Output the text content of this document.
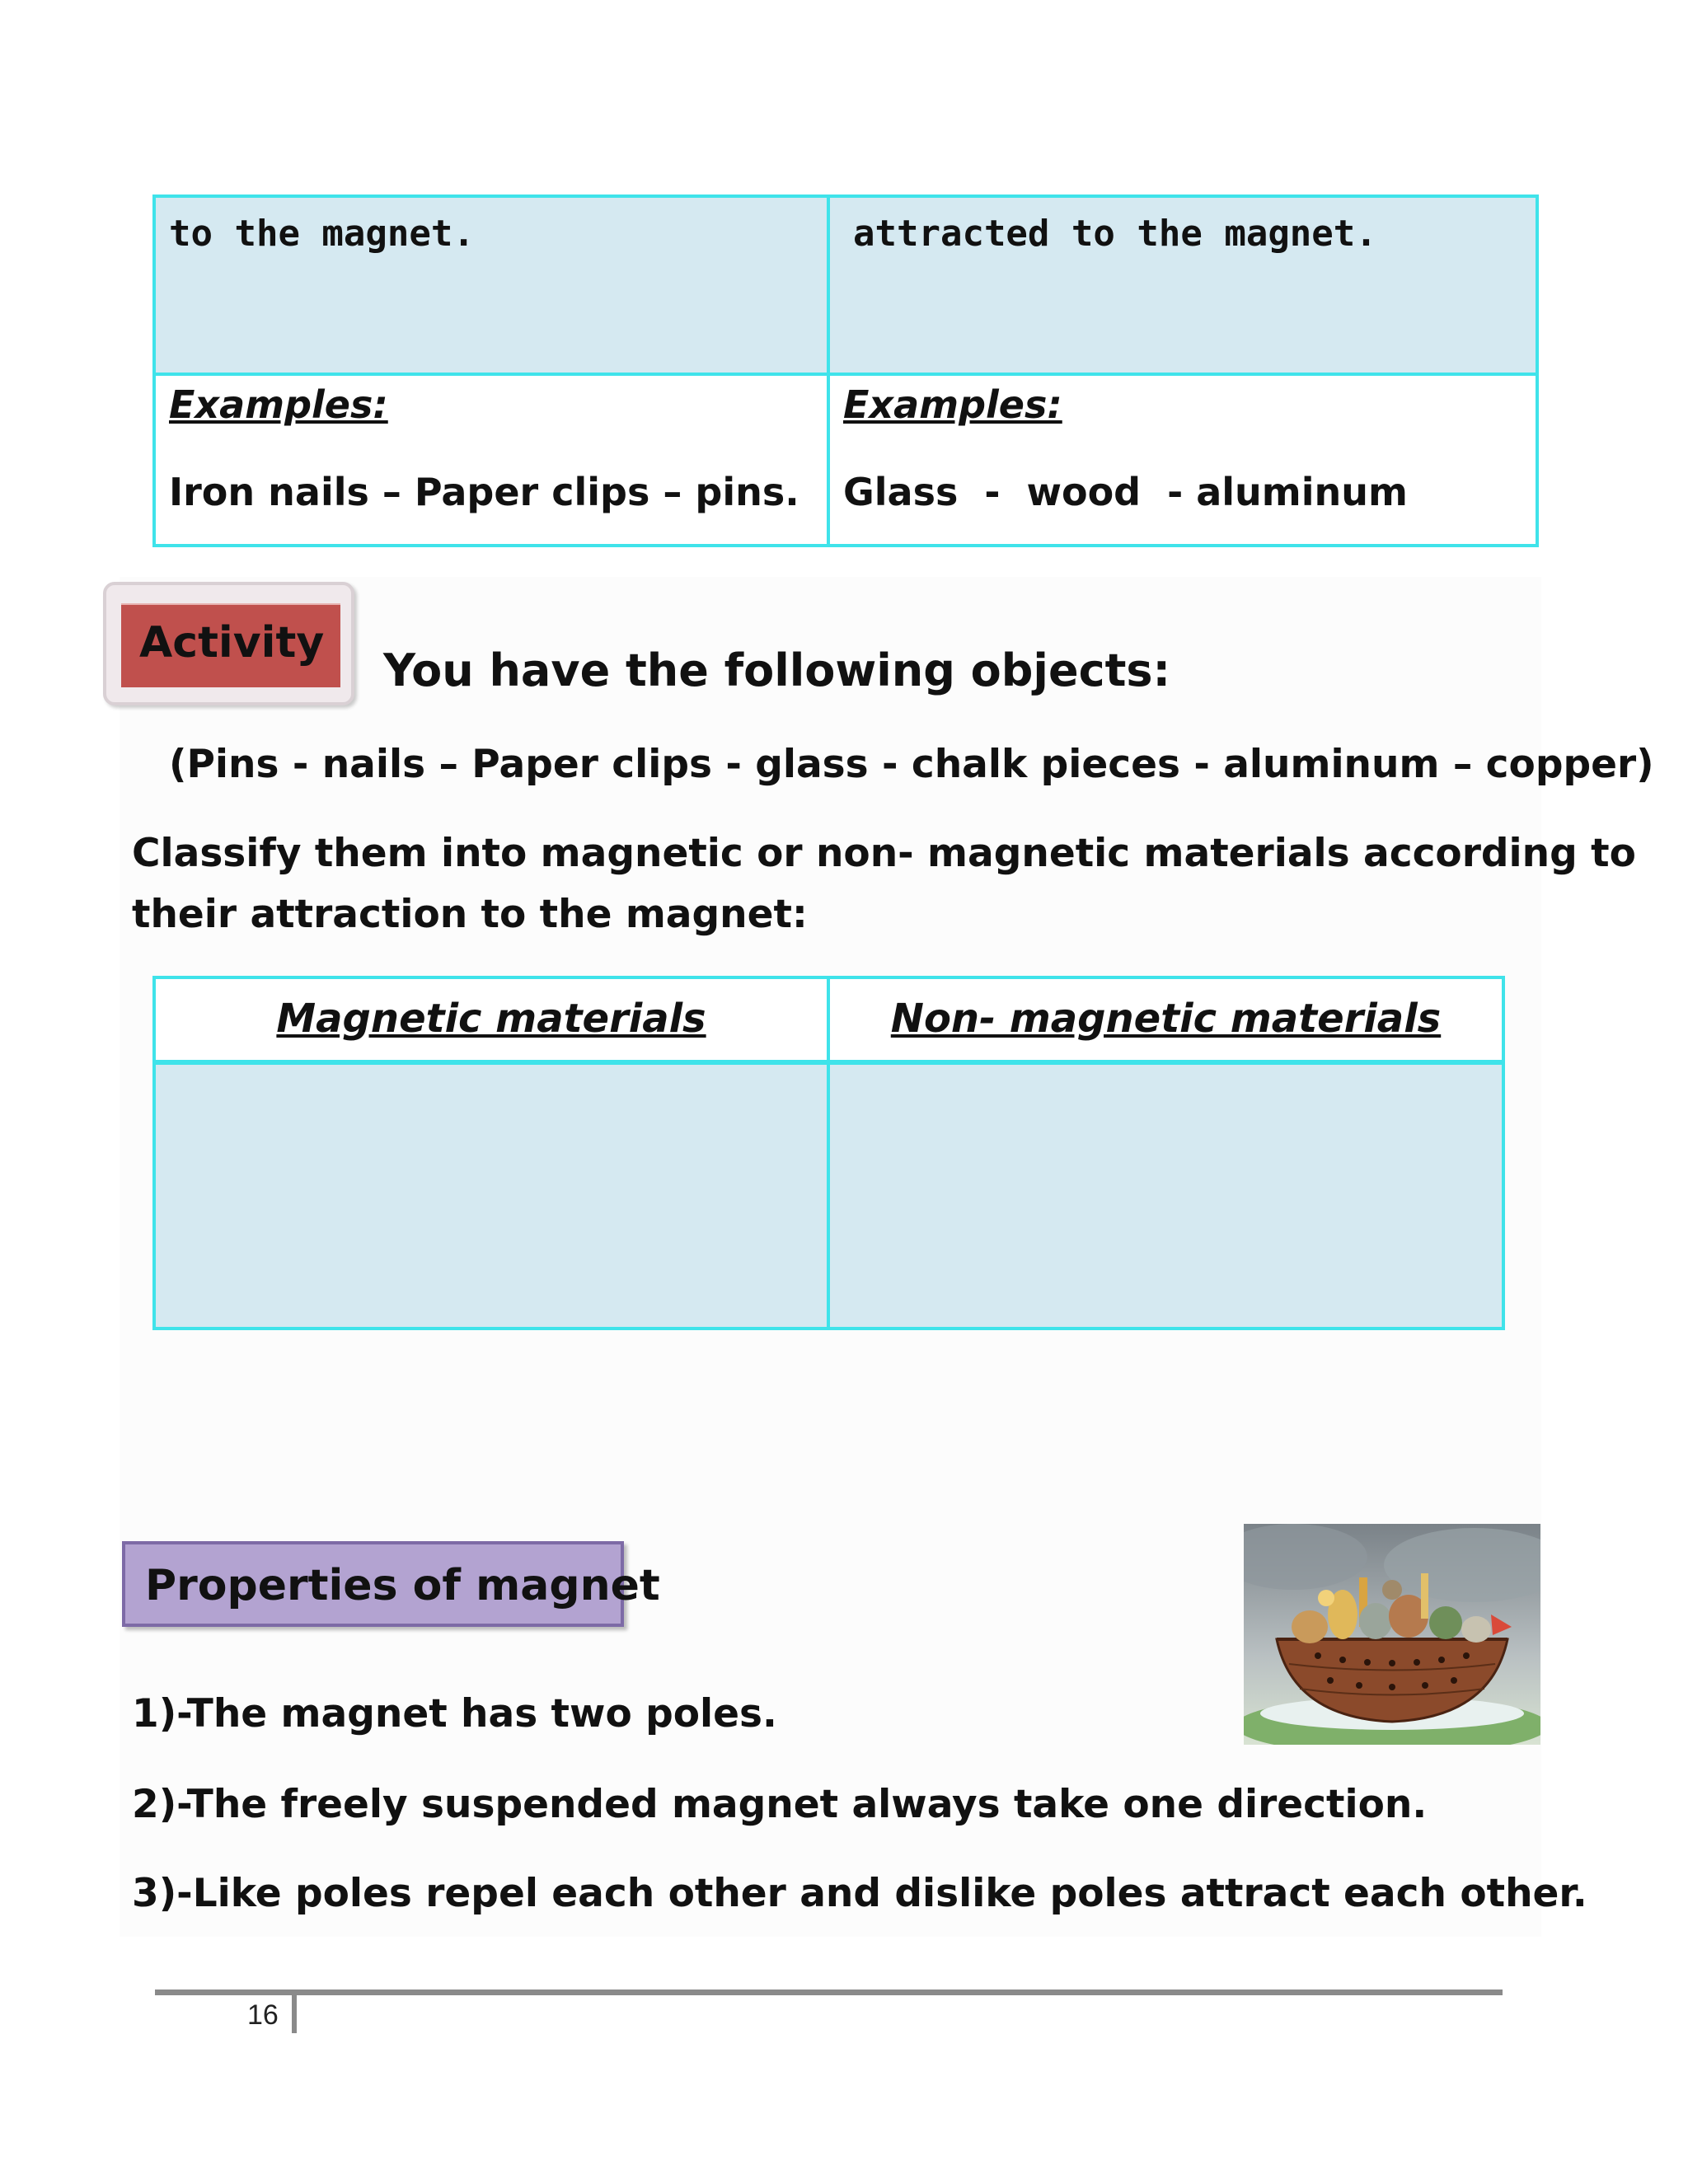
to the magnet.	attracted to the magnet.
Examples:
Iron nails – Paper clips – pins.
Examples:
Glass  -  wood  - aluminum
Activity
You have the following objects:
(Pins - nails – Paper clips - glass - chalk pieces - aluminum – copper)
Classify them into magnetic or non- magnetic materials according to
their attraction to the magnet:
Magnetic materials	Non- magnetic materials
Properties of magnet
1)-The magnet has two poles.
2)-The freely suspended magnet always take one direction.
3)-Like poles repel each other and dislike poles attract each other.
16
